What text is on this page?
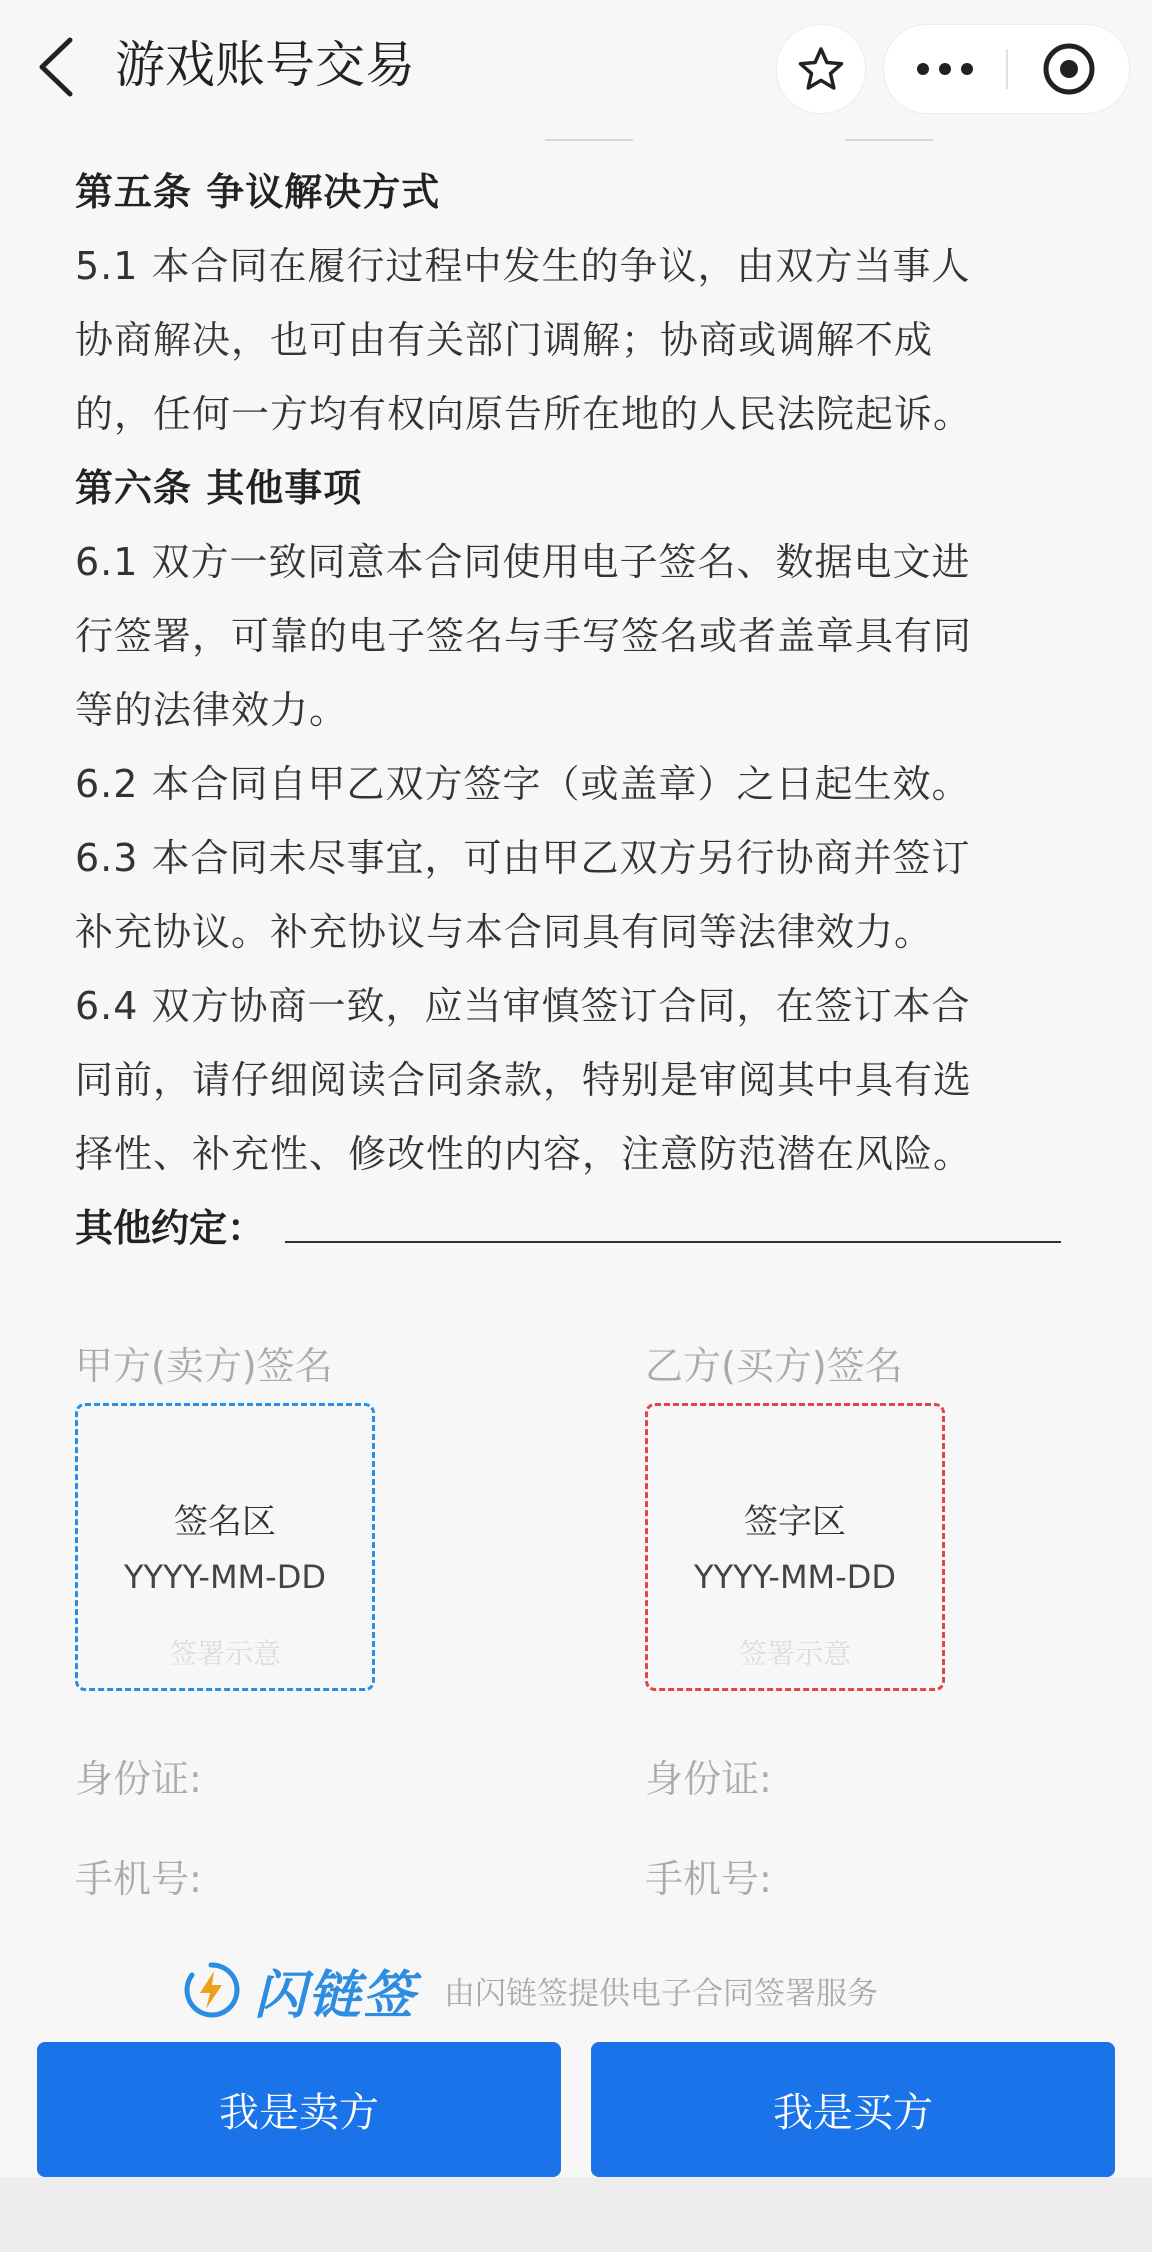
游戏账号交易

第五条 争议解决方式

5.1 本合同在履行过程中发生的争议，由双方当事人

协商解决，也可由有关部门调解；协商或调解不成

的，任何一方均有权向原告所在地的人民法院起诉。

第六条 其他事项

6.1 双方一致同意本合同使用电子签名、数据电文进

行签署，可靠的电子签名与手写签名或者盖章具有同

等的法律效力。

6.2 本合同自甲乙双方签字（或盖章）之日起生效。

6.3 本合同未尽事宜，可由甲乙双方另行协商并签订

补充协议。补充协议与本合同具有同等法律效力。

6.4 双方协商一致，应当审慎签订合同，在签订本合

同前，请仔细阅读合同条款，特别是审阅其中具有选

择性、补充性、修改性的内容，注意防范潜在风险。

其他约定：
甲方(卖方)签名
签名区
YYYY-MM-DD
签署示意
身份证:
手机号:
乙方(买方)签名
签字区
YYYY-MM-DD
签署示意
身份证:
手机号:
闪链签 由闪链签提供电子合同签署服务
我是卖方	我是买方
